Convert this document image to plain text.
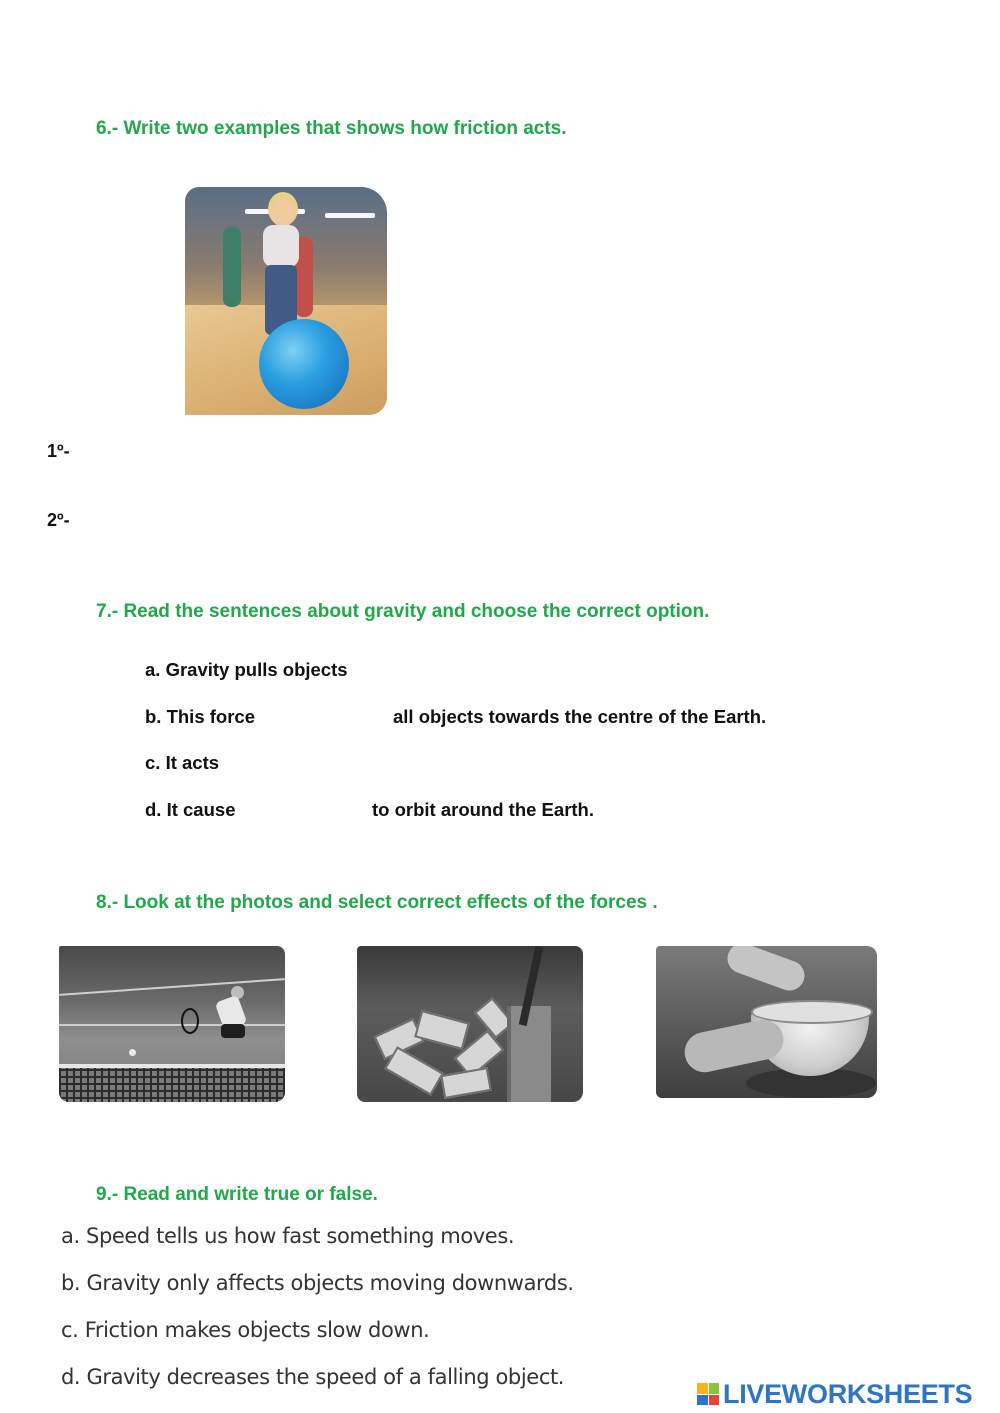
6.- Write two examples that shows how friction acts.
1º-
2º-
7.- Read the sentences about gravity and choose the correct option.
a. Gravity pulls objects
b. This force	all objects towards the centre of the Earth.
c. It acts
d. It cause	to orbit around the Earth.
8.- Look at the photos and select correct effects of the forces .
9.- Read and write true or false.
a. Speed tells us how fast something moves.
b. Gravity only affects objects moving downwards.
c. Friction makes objects slow down.
d. Gravity decreases the speed of a falling object.
LIVEWORKSHEETS
